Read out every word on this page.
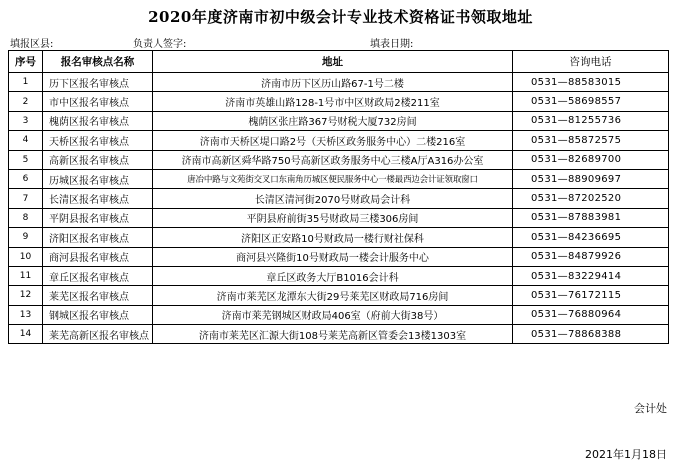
2020年度济南市初中级会计专业技术资格证书领取地址
填报区县:	负责人签字:	填表日期:
序号	报名审核点名称	地址	咨询电话
1	历下区报名审核点	济南市历下区历山路67-1号二楼	0531—88583015
2	市中区报名审核点	济南市英雄山路128-1号市中区财政局2楼211室	0531—58698557
3	槐荫区报名审核点	槐荫区张庄路367号财税大厦732房间	0531—81255736
4	天桥区报名审核点	济南市天桥区堤口路2号（天桥区政务服务中心）二楼216室	0531—85872575
5	高新区报名审核点	济南市高新区舜华路750号高新区政务服务中心三楼A厅A316办公室	0531—82689700
6	历城区报名审核点	唐冶中路与文苑街交叉口东南角历城区便民服务中心一楼最西边会计证领取窗口	0531—88909697
7	长清区报名审核点	长清区清河街2070号财政局会计科	0531—87202520
8	平阴县报名审核点	平阴县府前街35号财政局三楼306房间	0531—87883981
9	济阳区报名审核点	济阳区正安路10号财政局一楼行财社保科	0531—84236695
10	商河县报名审核点	商河县兴隆街10号财政局一楼会计服务中心	0531—84879926
11	章丘区报名审核点	章丘区政务大厅B1016会计科	0531—83229414
12	莱芜区报名审核点	济南市莱芜区龙潭东大街29号莱芜区财政局716房间	0531—76172115
13	钢城区报名审核点	济南市莱芜钢城区财政局406室（府前大街38号）	0531—76880964
14	莱芜高新区报名审核点	济南市莱芜区汇源大街108号莱芜高新区管委会13楼1303室	0531—78868388
会计处
2021年1月18日
